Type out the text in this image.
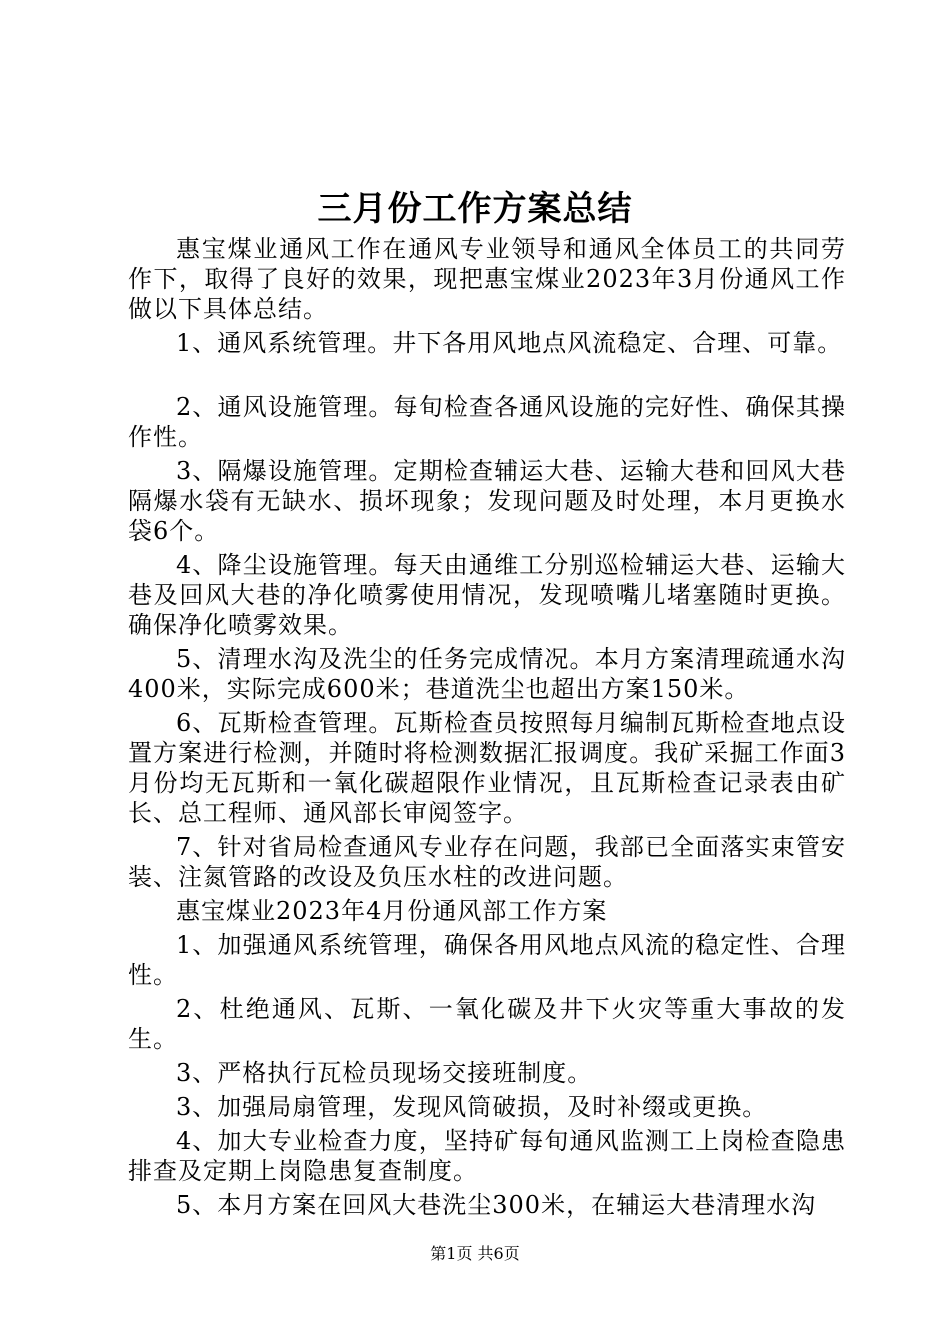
三月份工作方案总结

惠宝煤业通风工作在通风专业领导和通风全体员工的共同劳作下，取得了良好的效果，现把惠宝煤业2023年3月份通风工作做以下具体总结。

1、通风系统管理。井下各用风地点风流稳定、合理、可靠。

2、通风设施管理。每旬检查各通风设施的完好性、确保其操作性。

3、隔爆设施管理。定期检查辅运大巷、运输大巷和回风大巷隔爆水袋有无缺水、损坏现象；发现问题及时处理，本月更换水袋6个。

4、降尘设施管理。每天由通维工分别巡检辅运大巷、运输大巷及回风大巷的净化喷雾使用情况，发现喷嘴儿堵塞随时更换。确保净化喷雾效果。

5、清理水沟及洗尘的任务完成情况。本月方案清理疏通水沟400米，实际完成600米；巷道洗尘也超出方案150米。

6、瓦斯检查管理。瓦斯检查员按照每月编制瓦斯检查地点设置方案进行检测，并随时将检测数据汇报调度。我矿采掘工作面3月份均无瓦斯和一氧化碳超限作业情况，且瓦斯检查记录表由矿长、总工程师、通风部长审阅签字。

7、针对省局检查通风专业存在问题，我部已全面落实束管安装、注氮管路的改设及负压水柱的改进问题。

惠宝煤业2023年4月份通风部工作方案

1、加强通风系统管理，确保各用风地点风流的稳定性、合理性。

2、杜绝通风、瓦斯、一氧化碳及井下火灾等重大事故的发生。

3、严格执行瓦检员现场交接班制度。

3、加强局扇管理，发现风筒破损，及时补缀或更换。

4、加大专业检查力度，坚持矿每旬通风监测工上岗检查隐患排查及定期上岗隐患复查制度。

5、本月方案在回风大巷洗尘300米，在辅运大巷清理水沟

第1页 共6页
